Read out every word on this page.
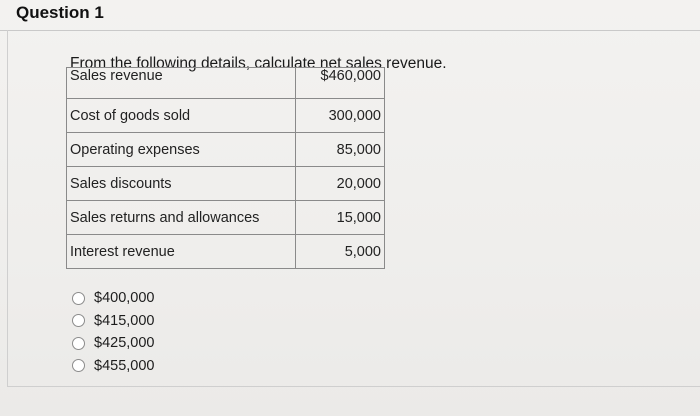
Question 1
From the following details, calculate net sales revenue.
Sales revenue	$460,000
Cost of goods sold	300,000
Operating expenses	85,000
Sales discounts	20,000
Sales returns and allowances	15,000
Interest revenue	5,000
$400,000
$415,000
$425,000
$455,000
